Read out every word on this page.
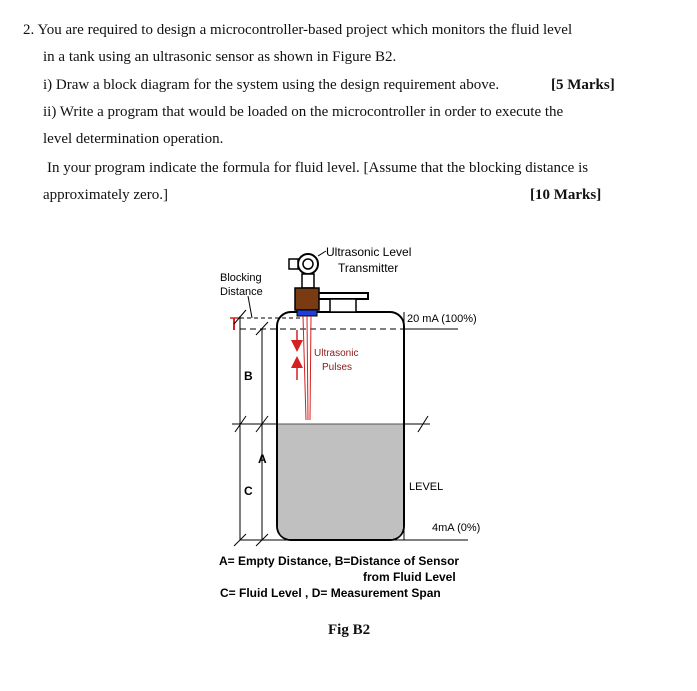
2. You are required to design a microcontroller-based project which monitors the fluid level
in a tank using an ultrasonic sensor as shown in Figure B2.
i) Draw a block diagram for the system using the design requirement above.	[5 Marks]
ii) Write a program that would be loaded on the microcontroller in order to execute the
level determination operation.
In your program indicate the formula for fluid level. [Assume that the blocking distance is
approximately zero.]	[10 Marks]
Ultrasonic Level
Transmitter
Blocking
Distance
B
A
C
20 mA (100%)
LEVEL
4mA (0%)
Ultrasonic
Pulses
A= Empty Distance, B=Distance of Sensor
from Fluid Level
C= Fluid Level , D= Measurement Span
Fig B2
